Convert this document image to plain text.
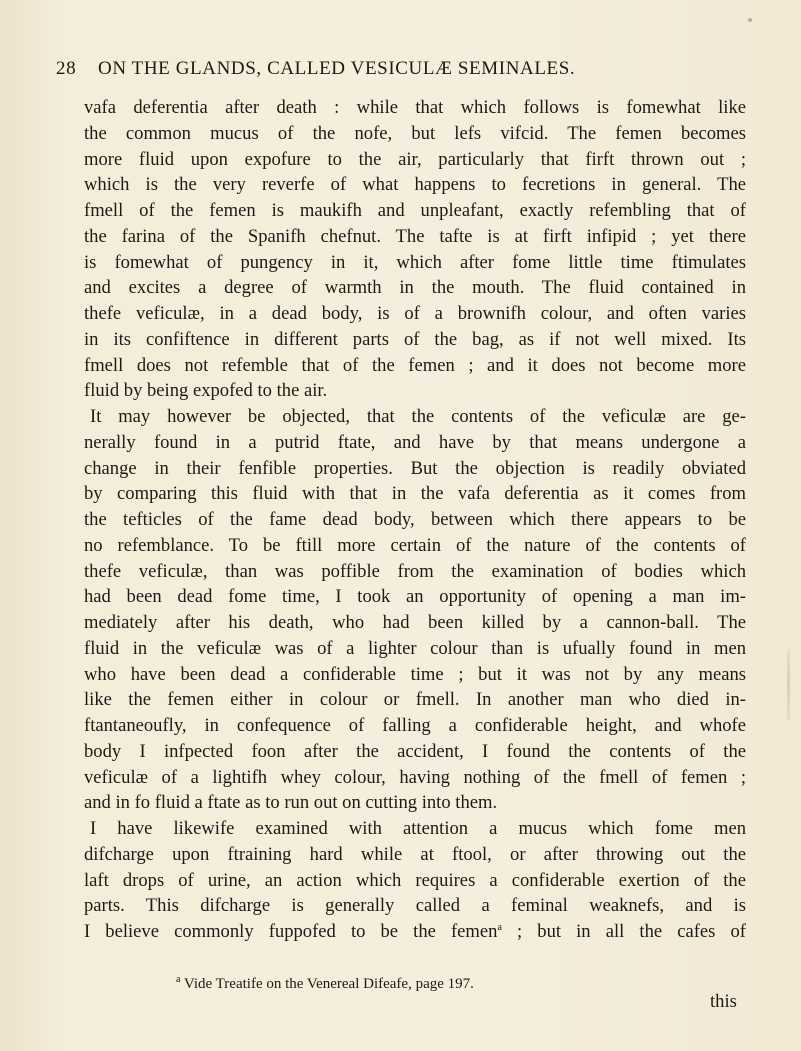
28 ON THE GLANDS, CALLED VESICULÆ SEMINALES.
vafa deferentia after death : while that which follows is fomewhat like
the common mucus of the nofe, but lefs vifcid. The femen becomes
more fluid upon expofure to the air, particularly that firft thrown out ;
which is the very reverfe of what happens to fecretions in general. The
fmell of the femen is maukifh and unpleafant, exactly refembling that of
the farina of the Spanifh chefnut. The tafte is at firft infipid ; yet there
is fomewhat of pungency in it, which after fome little time ftimulates
and excites a degree of warmth in the mouth. The fluid contained in
thefe veficulæ, in a dead body, is of a brownifh colour, and often varies
in its confiftence in different parts of the bag, as if not well mixed. Its
fmell does not refemble that of the femen ; and it does not become more
fluid by being expofed to the air.
It may however be objected, that the contents of the veficulæ are ge-
nerally found in a putrid ftate, and have by that means undergone a
change in their fenfible properties. But the objection is readily obviated
by comparing this fluid with that in the vafa deferentia as it comes from
the tefticles of the fame dead body, between which there appears to be
no refemblance. To be ftill more certain of the nature of the contents of
thefe veficulæ, than was poffible from the examination of bodies which
had been dead fome time, I took an opportunity of opening a man im-
mediately after his death, who had been killed by a cannon-ball. The
fluid in the veficulæ was of a lighter colour than is ufually found in men
who have been dead a confiderable time ; but it was not by any means
like the femen either in colour or fmell. In another man who died in-
ftantaneoufly, in confequence of falling a confiderable height, and whofe
body I infpected foon after the accident, I found the contents of the
veficulæ of a lightifh whey colour, having nothing of the fmell of femen ;
and in fo fluid a ftate as to run out on cutting into them.
I have likewife examined with attention a mucus which fome men
difcharge upon ftraining hard while at ftool, or after throwing out the
laft drops of urine, an action which requires a confiderable exertion of the
parts. This difcharge is generally called a feminal weaknefs, and is
I believe commonly fuppofed to be the femen$^a$ ; but in all the cafes of
$^a$ Vide Treatife on the Venereal Difeafe, page 197.
this
